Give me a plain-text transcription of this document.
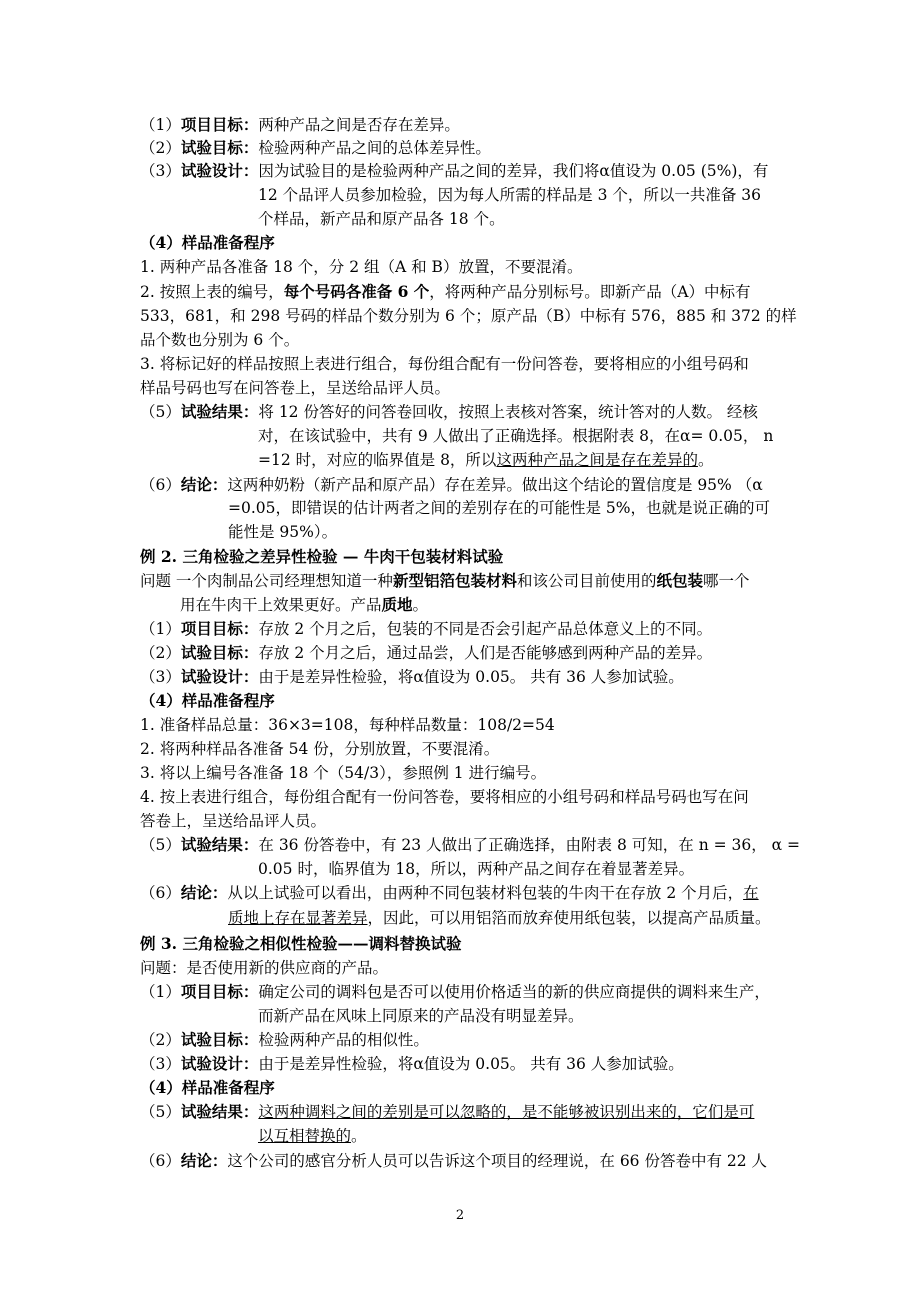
（1）项目目标：两种产品之间是否存在差异。
（2）试验目标：检验两种产品之间的总体差异性。
（3）试验设计：因为试验目的是检验两种产品之间的差异，我们将α值设为 0.05 (5%)，有
12 个品评人员参加检验，因为每人所需的样品是 3 个，所以一共准备 36
个样品，新产品和原产品各 18 个。
（4）样品准备程序
1. 两种产品各准备 18 个，分 2 组（A 和 B）放置，不要混淆。
2. 按照上表的编号，每个号码各准备 6 个，将两种产品分别标号。即新产品（A）中标有
533，681，和 298 号码的样品个数分别为 6 个；原产品（B）中标有 576，885 和 372 的样
品个数也分别为 6 个。
3. 将标记好的样品按照上表进行组合，每份组合配有一份问答卷，要将相应的小组号码和
样品号码也写在问答卷上，呈送给品评人员。
（5）试验结果：将 12 份答好的问答卷回收，按照上表核对答案，统计答对的人数。 经核
对，在该试验中，共有 9 人做出了正确选择。根据附表 8，在α= 0.05， n
=12 时，对应的临界值是 8，所以这两种产品之间是存在差异的。
（6）结论：这两种奶粉（新产品和原产品）存在差异。做出这个结论的置信度是 95% （α
=0.05，即错误的估计两者之间的差别存在的可能性是 5%，也就是说正确的可
能性是 95%）。
例 2. 三角检验之差异性检验 — 牛肉干包装材料试验
问题 一个肉制品公司经理想知道一种新型铝箔包装材料和该公司目前使用的纸包装哪一个
用在牛肉干上效果更好。产品质地。
（1）项目目标：存放 2 个月之后，包装的不同是否会引起产品总体意义上的不同。
（2）试验目标：存放 2 个月之后，通过品尝，人们是否能够感到两种产品的差异。
（3）试验设计：由于是差异性检验，将α值设为 0.05。 共有 36 人参加试验。
（4）样品准备程序
1. 准备样品总量：36×3=108，每种样品数量：108/2=54
2. 将两种样品各准备 54 份，分别放置，不要混淆。
3. 将以上编号各准备 18 个（54/3），参照例 1 进行编号。
4. 按上表进行组合，每份组合配有一份问答卷，要将相应的小组号码和样品号码也写在问
答卷上，呈送给品评人员。
（5）试验结果：在 36 份答卷中，有 23 人做出了正确选择，由附表 8 可知，在 n = 36， α =
0.05 时，临界值为 18，所以，两种产品之间存在着显著差异。
（6）结论：从以上试验可以看出，由两种不同包装材料包装的牛肉干在存放 2 个月后，在
质地上存在显著差异，因此，可以用铝箔而放弃使用纸包装，以提高产品质量。
例 3. 三角检验之相似性检验——调料替换试验
问题：是否使用新的供应商的产品。
（1）项目目标：确定公司的调料包是否可以使用价格适当的新的供应商提供的调料来生产，
而新产品在风味上同原来的产品没有明显差异。
（2）试验目标：检验两种产品的相似性。
（3）试验设计：由于是差异性检验，将α值设为 0.05。 共有 36 人参加试验。
（4）样品准备程序
（5）试验结果：这两种调料之间的差别是可以忽略的，是不能够被识别出来的，它们是可
以互相替换的。
（6）结论：这个公司的感官分析人员可以告诉这个项目的经理说，在 66 份答卷中有 22 人
2
